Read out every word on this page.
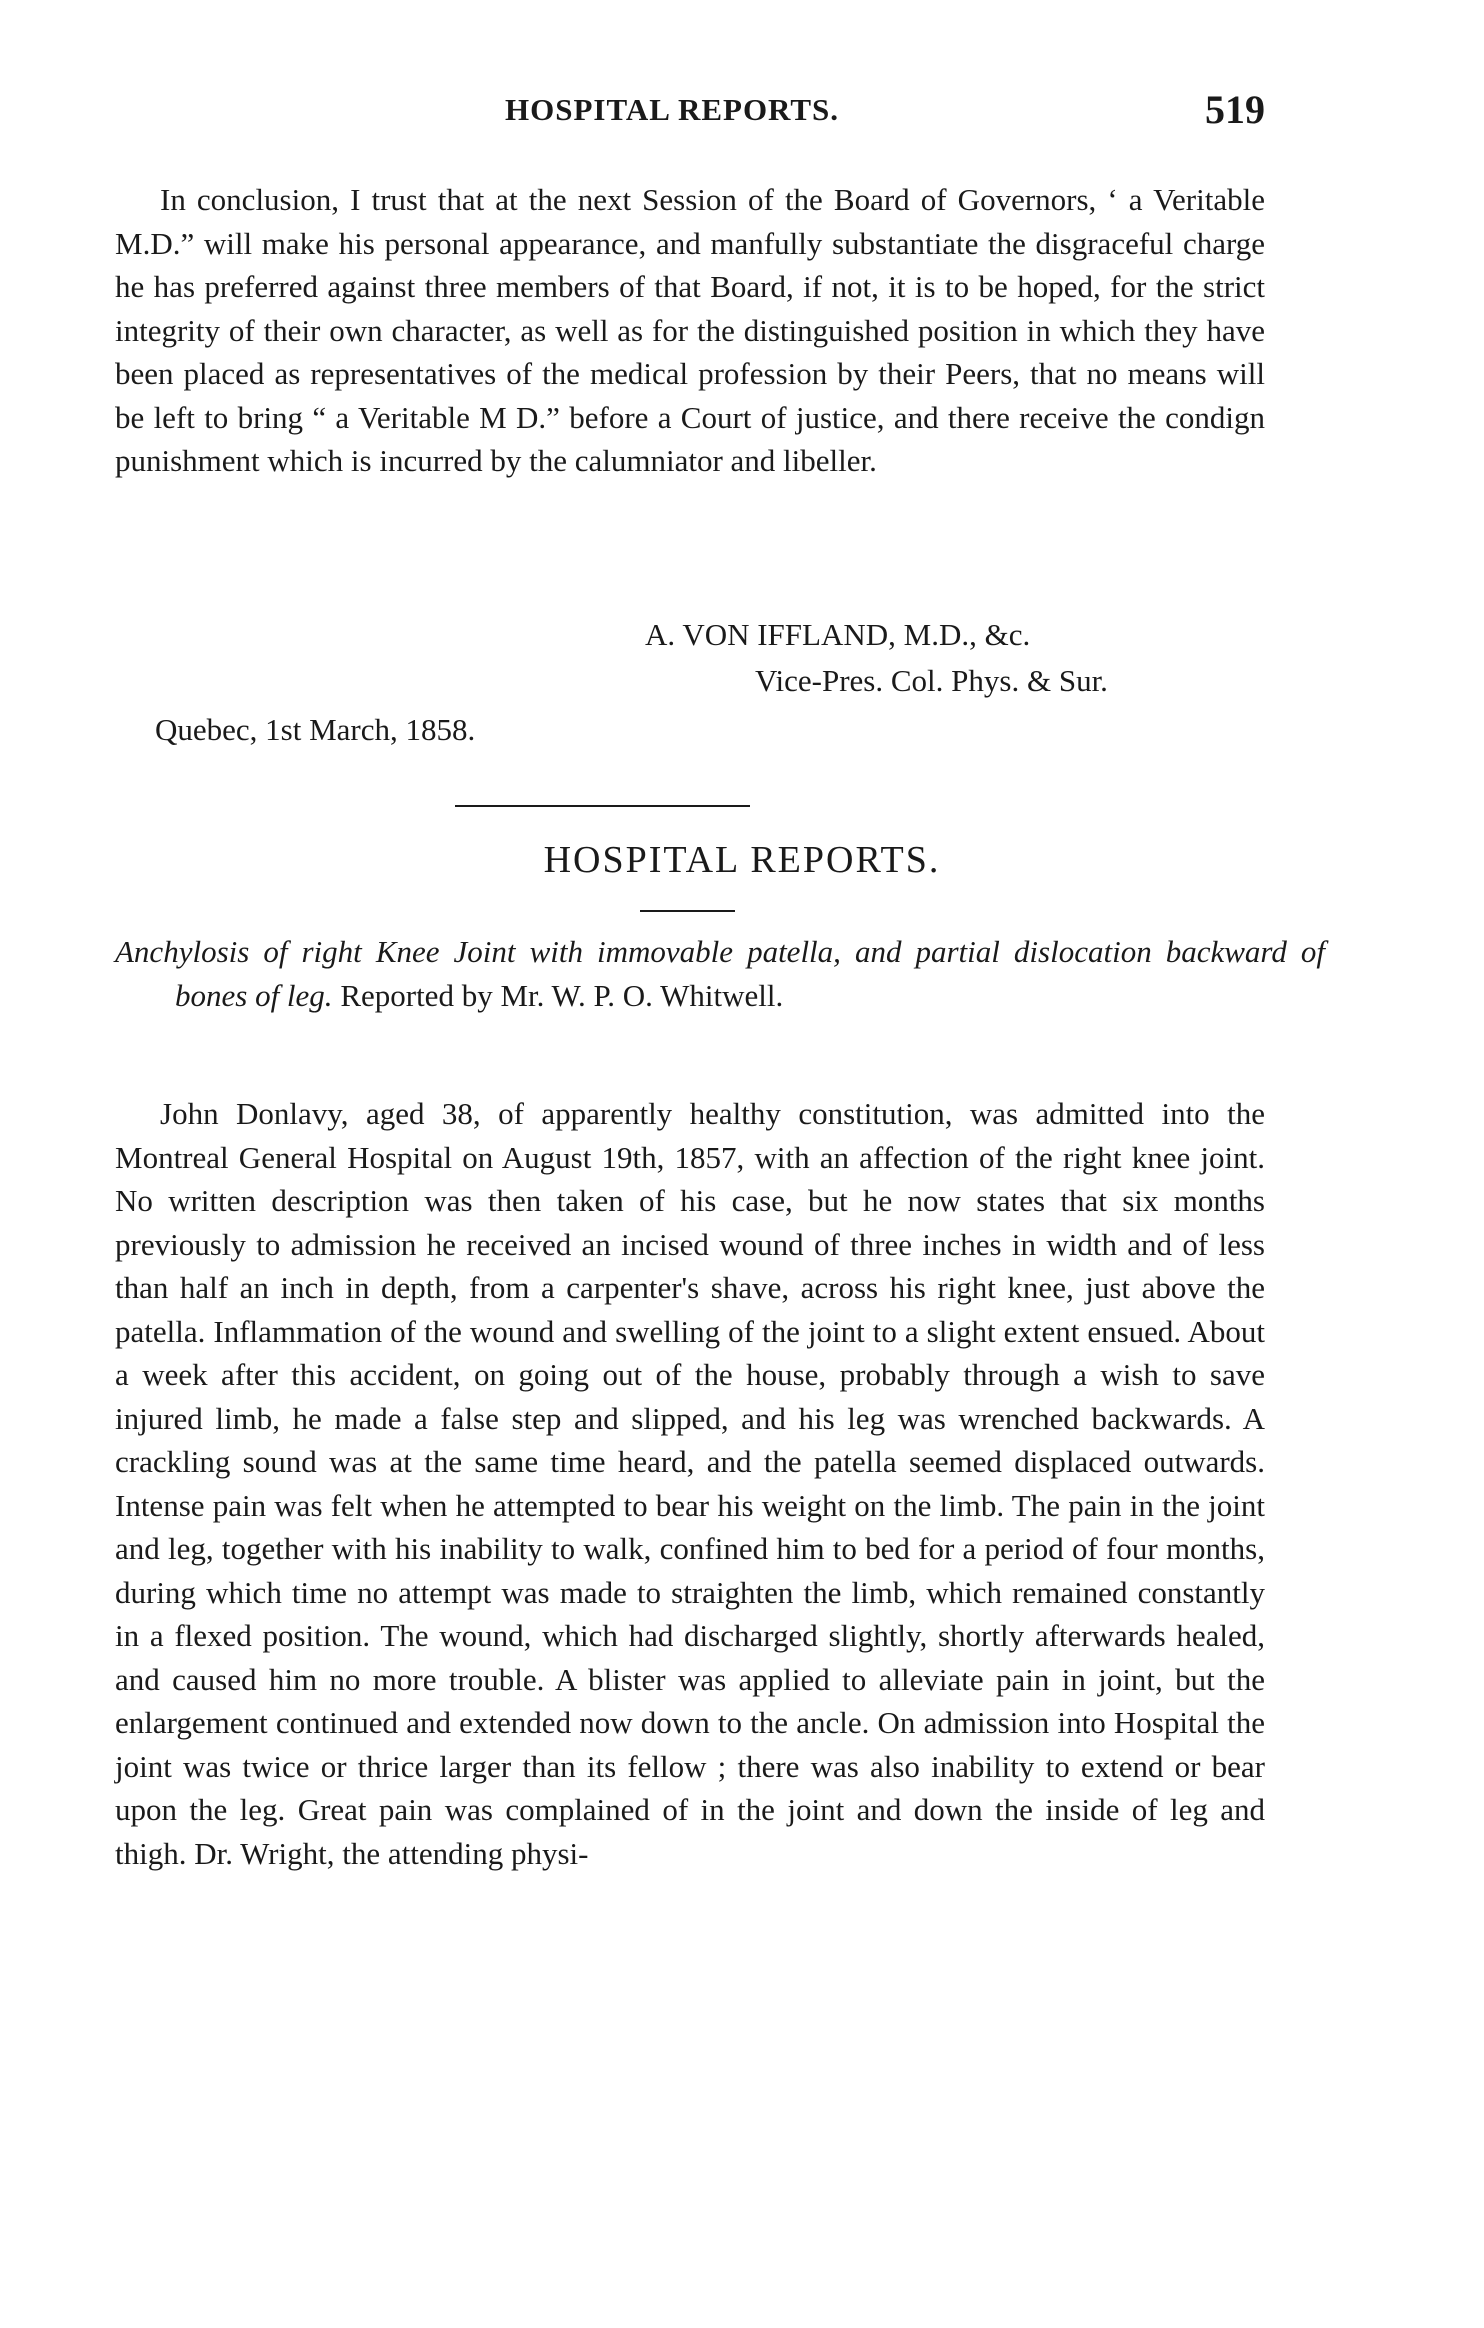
HOSPITAL REPORTS.	519

In conclusion, I trust that at the next Session of the Board of Governors, ‘ a Veritable M.D.” will make his personal appearance, and manfully substantiate the disgraceful charge he has preferred against three members of that Board, if not, it is to be hoped, for the strict integrity of their own character, as well as for the distinguished position in which they have been placed as representatives of the medical profession by their Peers, that no means will be left to bring “ a Veritable M D.” before a Court of justice, and there receive the condign punishment which is incurred by the calumniator and libeller.

A. VON IFFLAND, M.D., &c.
Vice-Pres. Col. Phys. & Sur.
Quebec, 1st March, 1858.
HOSPITAL REPORTS.
Anchylosis of right Knee Joint with immovable patella, and partial dislocation backward of bones of leg. Reported by Mr. W. P. O. Whitwell.

John Donlavy, aged 38, of apparently healthy constitution, was admitted into the Montreal General Hospital on August 19th, 1857, with an affection of the right knee joint. No written description was then taken of his case, but he now states that six months previously to admission he received an incised wound of three inches in width and of less than half an inch in depth, from a carpenter's shave, across his right knee, just above the patella. Inflammation of the wound and swelling of the joint to a slight extent ensued. About a week after this accident, on going out of the house, probably through a wish to save injured limb, he made a false step and slipped, and his leg was wrenched backwards. A crackling sound was at the same time heard, and the patella seemed displaced outwards. Intense pain was felt when he attempted to bear his weight on the limb. The pain in the joint and leg, together with his inability to walk, confined him to bed for a period of four months, during which time no attempt was made to straighten the limb, which remained constantly in a flexed position. The wound, which had discharged slightly, shortly afterwards healed, and caused him no more trouble. A blister was applied to alleviate pain in joint, but the enlargement continued and extended now down to the ancle. On admission into Hospital the joint was twice or thrice larger than its fellow ; there was also inability to extend or bear upon the leg. Great pain was complained of in the joint and down the inside of leg and thigh. Dr. Wright, the attending physi-
